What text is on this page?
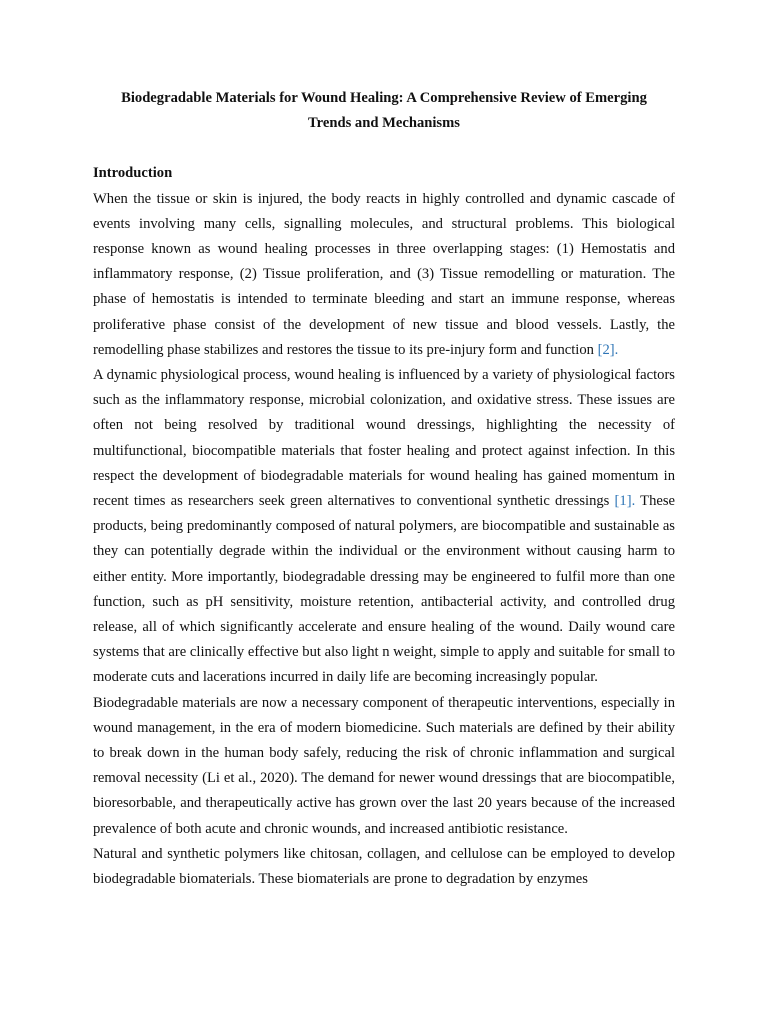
Biodegradable Materials for Wound Healing: A Comprehensive Review of Emerging Trends and Mechanisms

Introduction

When the tissue or skin is injured, the body reacts in highly controlled and dynamic cascade of events involving many cells, signalling molecules, and structural problems. This biological response known as wound healing processes in three overlapping stages: (1) Hemostatis and inflammatory response, (2) Tissue proliferation, and (3) Tissue remodelling or maturation. The phase of hemostatis is intended to terminate bleeding and start an immune response, whereas proliferative phase consist of the development of new tissue and blood vessels. Lastly, the remodelling phase stabilizes and restores the tissue to its pre-injury form and function [2].

A dynamic physiological process, wound healing is influenced by a variety of physiological factors such as the inflammatory response, microbial colonization, and oxidative stress. These issues are often not being resolved by traditional wound dressings, highlighting the necessity of multifunctional, biocompatible materials that foster healing and protect against infection. In this respect the development of biodegradable materials for wound healing has gained momentum in recent times as researchers seek green alternatives to conventional synthetic dressings [1]. These products, being predominantly composed of natural polymers, are biocompatible and sustainable as they can potentially degrade within the individual or the environment without causing harm to either entity. More importantly, biodegradable dressing may be engineered to fulfil more than one function, such as pH sensitivity, moisture retention, antibacterial activity, and controlled drug release, all of which significantly accelerate and ensure healing of the wound. Daily wound care systems that are clinically effective but also light n weight, simple to apply and suitable for small to moderate cuts and lacerations incurred in daily life are becoming increasingly popular.

Biodegradable materials are now a necessary component of therapeutic interventions, especially in wound management, in the era of modern biomedicine. Such materials are defined by their ability to break down in the human body safely, reducing the risk of chronic inflammation and surgical removal necessity (Li et al., 2020). The demand for newer wound dressings that are biocompatible, bioresorbable, and therapeutically active has grown over the last 20 years because of the increased prevalence of both acute and chronic wounds, and increased antibiotic resistance.

Natural and synthetic polymers like chitosan, collagen, and cellulose can be employed to develop biodegradable biomaterials. These biomaterials are prone to degradation by enzymes
